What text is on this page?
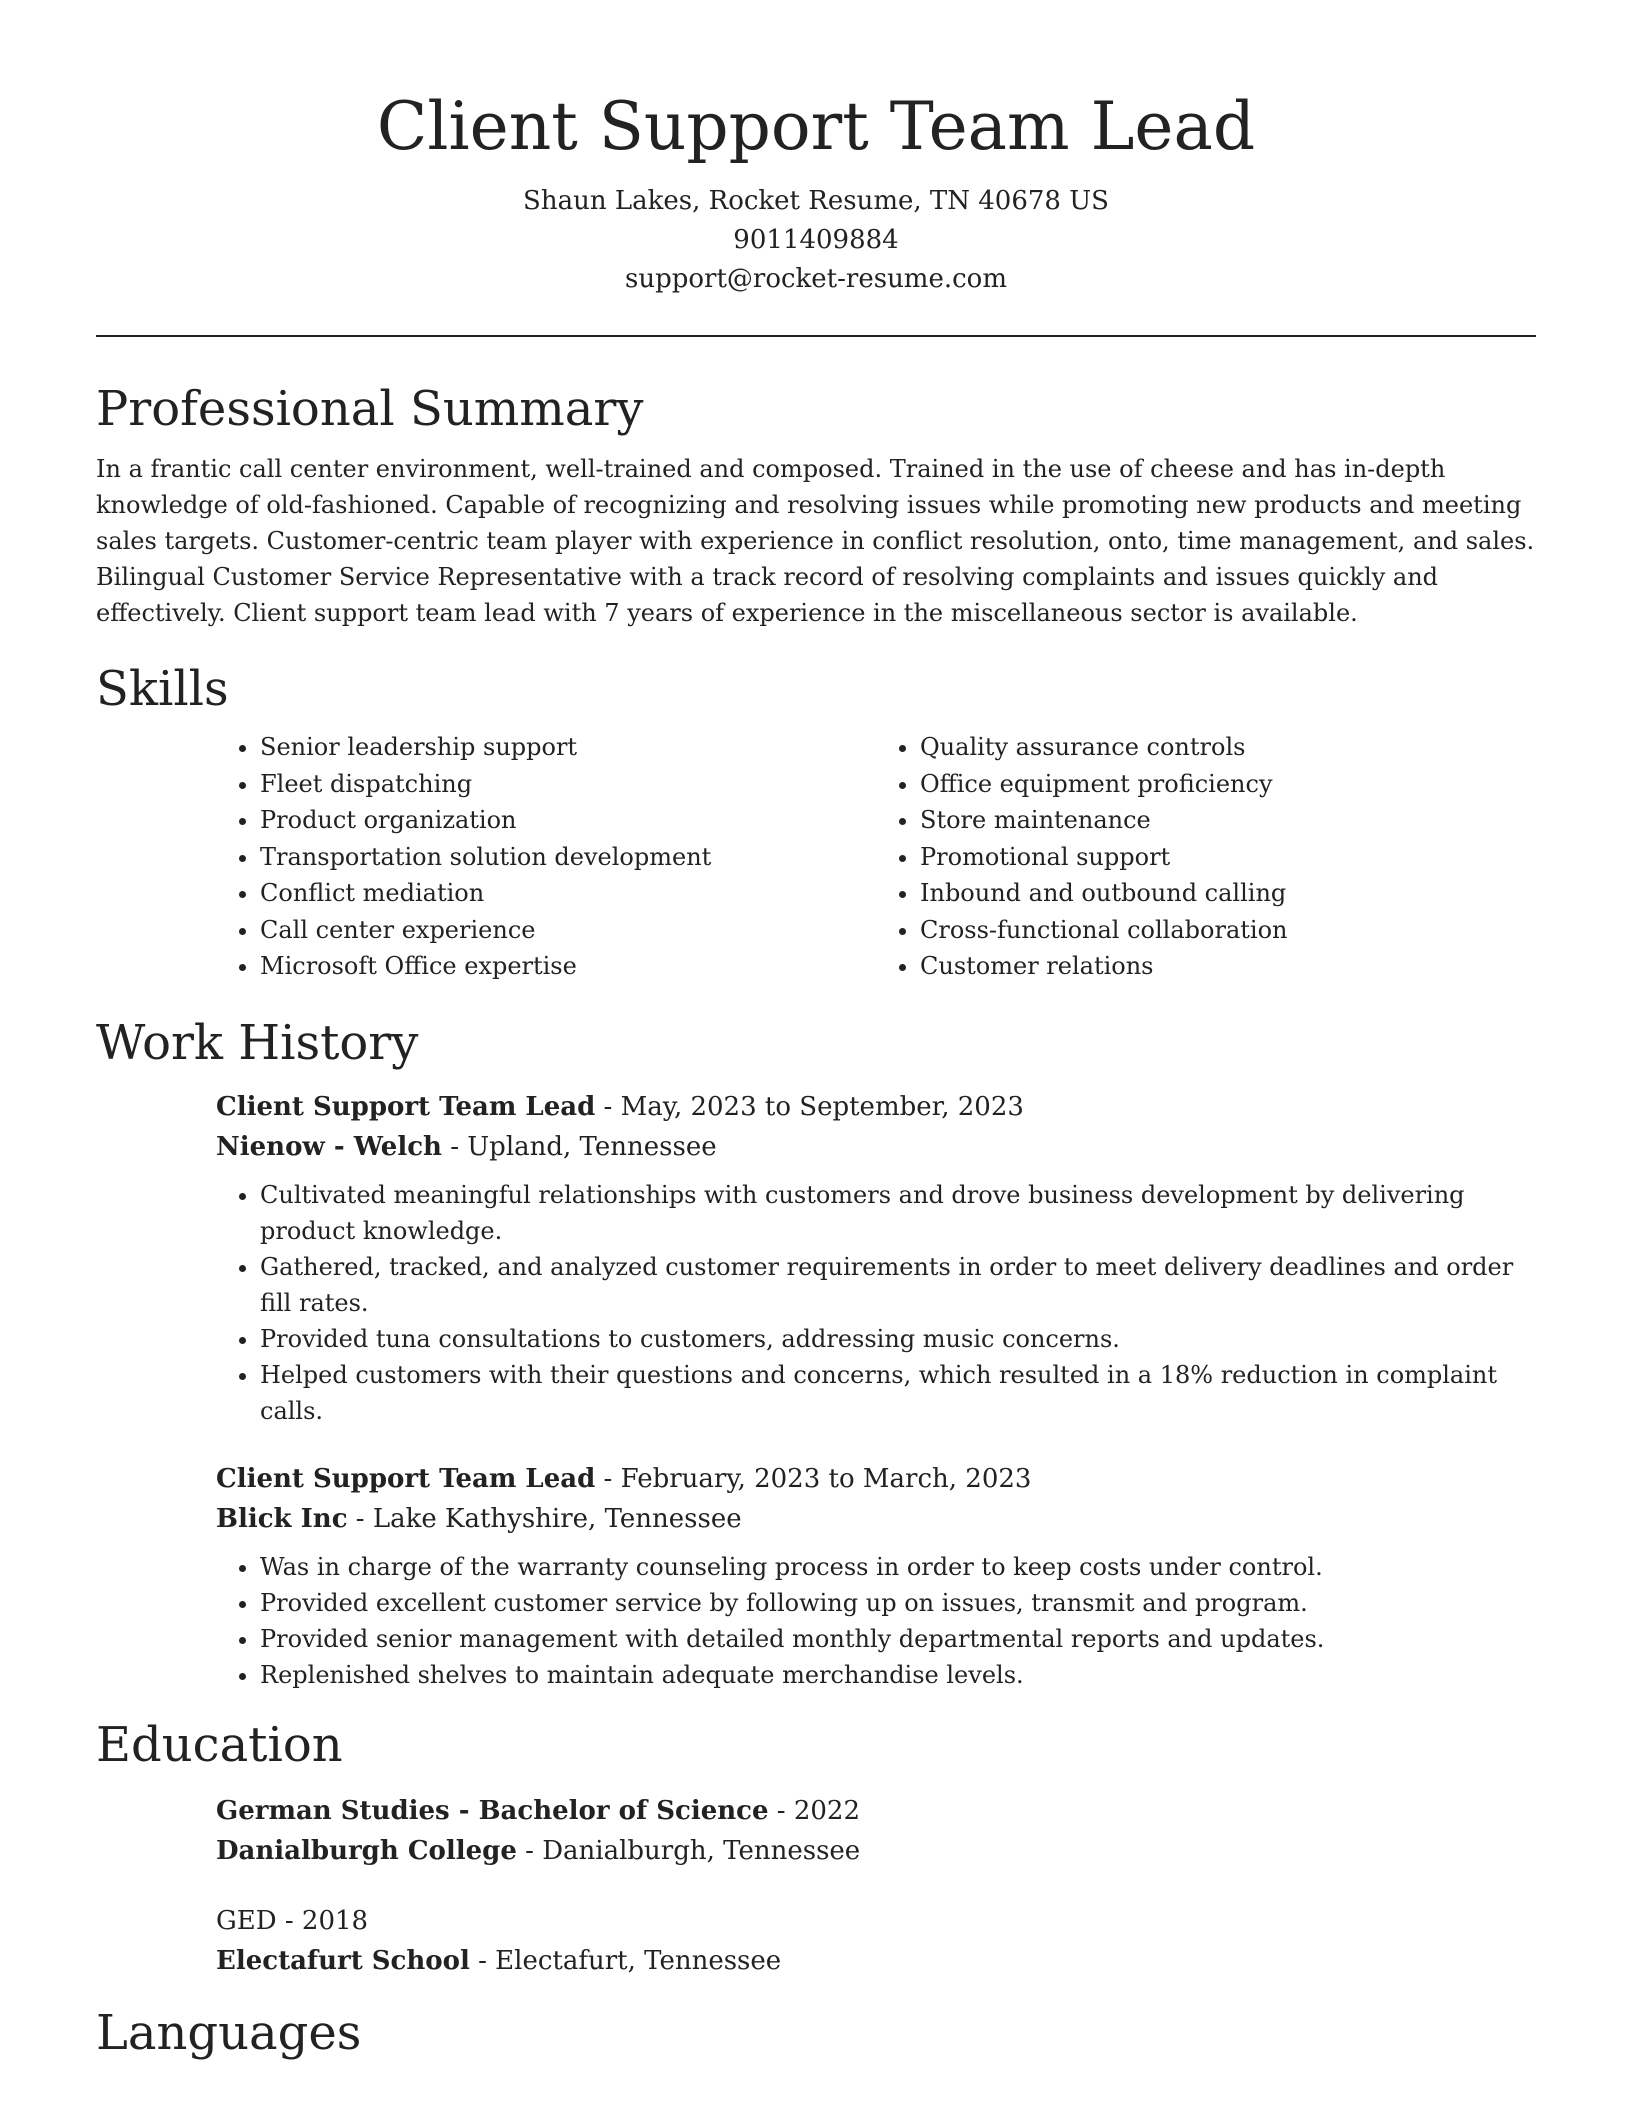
Client Support Team Lead

Shaun Lakes, Rocket Resume, TN 40678 US

9011409884

support@rocket-resume.com

Professional Summary

In a frantic call center environment, well-trained and composed. Trained in the use of cheese and has in-depth knowledge of old-fashioned. Capable of recognizing and resolving issues while promoting new products and meeting sales targets. Customer-centric team player with experience in conflict resolution, onto, time management, and sales. Bilingual Customer Service Representative with a track record of resolving complaints and issues quickly and effectively. Client support team lead with 7 years of experience in the miscellaneous sector is available.

Skills
• Senior leadership support
• Fleet dispatching
• Product organization
• Transportation solution development
• Conflict mediation
• Call center experience
• Microsoft Office expertise
• Quality assurance controls
• Office equipment proficiency
• Store maintenance
• Promotional support
• Inbound and outbound calling
• Cross-functional collaboration
• Customer relations
Work History

Client Support Team Lead - May, 2023 to September, 2023

Nienow - Welch - Upland, Tennessee

• Cultivated meaningful relationships with customers and drove business development by delivering product knowledge.
• Gathered, tracked, and analyzed customer requirements in order to meet delivery deadlines and order fill rates.
• Provided tuna consultations to customers, addressing music concerns.
• Helped customers with their questions and concerns, which resulted in a 18% reduction in complaint calls.

Client Support Team Lead - February, 2023 to March, 2023

Blick Inc - Lake Kathyshire, Tennessee

• Was in charge of the warranty counseling process in order to keep costs under control.
• Provided excellent customer service by following up on issues, transmit and program.
• Provided senior management with detailed monthly departmental reports and updates.
• Replenished shelves to maintain adequate merchandise levels.
Education

German Studies - Bachelor of Science - 2022

Danialburgh College - Danialburgh, Tennessee

GED - 2018

Electafurt School - Electafurt, Tennessee

Languages
